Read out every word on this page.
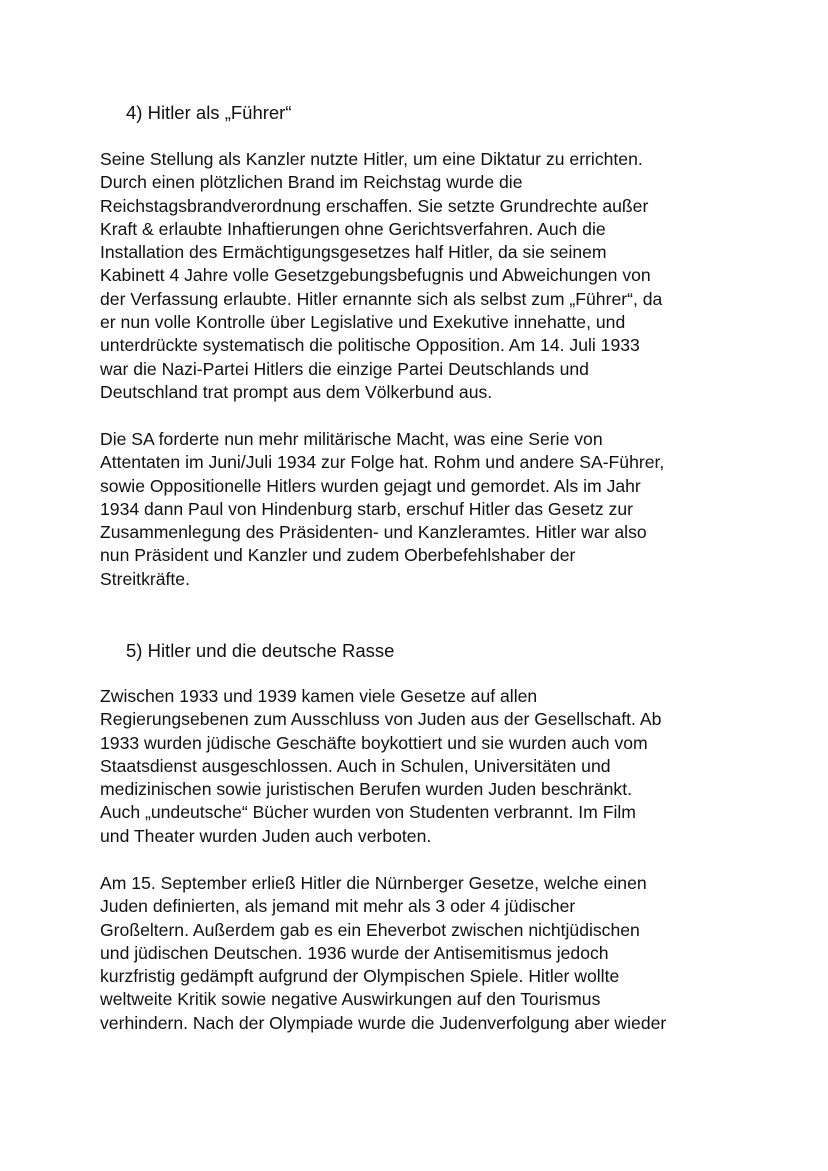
4) Hitler als „Führer“
Seine Stellung als Kanzler nutzte Hitler, um eine Diktatur zu errichten.
Durch einen plötzlichen Brand im Reichstag wurde die
Reichstagsbrandverordnung erschaffen. Sie setzte Grundrechte außer
Kraft & erlaubte Inhaftierungen ohne Gerichtsverfahren. Auch die
Installation des Ermächtigungsgesetzes half Hitler, da sie seinem
Kabinett 4 Jahre volle Gesetzgebungsbefugnis und Abweichungen von
der Verfassung erlaubte. Hitler ernannte sich als selbst zum „Führer“, da
er nun volle Kontrolle über Legislative und Exekutive innehatte, und
unterdrückte systematisch die politische Opposition. Am 14. Juli 1933
war die Nazi-Partei Hitlers die einzige Partei Deutschlands und
Deutschland trat prompt aus dem Völkerbund aus.
Die SA forderte nun mehr militärische Macht, was eine Serie von
Attentaten im Juni/Juli 1934 zur Folge hat. Rohm und andere SA-Führer,
sowie Oppositionelle Hitlers wurden gejagt und gemordet. Als im Jahr
1934 dann Paul von Hindenburg starb, erschuf Hitler das Gesetz zur
Zusammenlegung des Präsidenten- und Kanzleramtes. Hitler war also
nun Präsident und Kanzler und zudem Oberbefehlshaber der
Streitkräfte.
5) Hitler und die deutsche Rasse
Zwischen 1933 und 1939 kamen viele Gesetze auf allen
Regierungsebenen zum Ausschluss von Juden aus der Gesellschaft. Ab
1933 wurden jüdische Geschäfte boykottiert und sie wurden auch vom
Staatsdienst ausgeschlossen. Auch in Schulen, Universitäten und
medizinischen sowie juristischen Berufen wurden Juden beschränkt.
Auch „undeutsche“ Bücher wurden von Studenten verbrannt. Im Film
und Theater wurden Juden auch verboten.
Am 15. September erließ Hitler die Nürnberger Gesetze, welche einen
Juden definierten, als jemand mit mehr als 3 oder 4 jüdischer
Großeltern. Außerdem gab es ein Eheverbot zwischen nichtjüdischen
und jüdischen Deutschen. 1936 wurde der Antisemitismus jedoch
kurzfristig gedämpft aufgrund der Olympischen Spiele. Hitler wollte
weltweite Kritik sowie negative Auswirkungen auf den Tourismus
verhindern. Nach der Olympiade wurde die Judenverfolgung aber wieder
